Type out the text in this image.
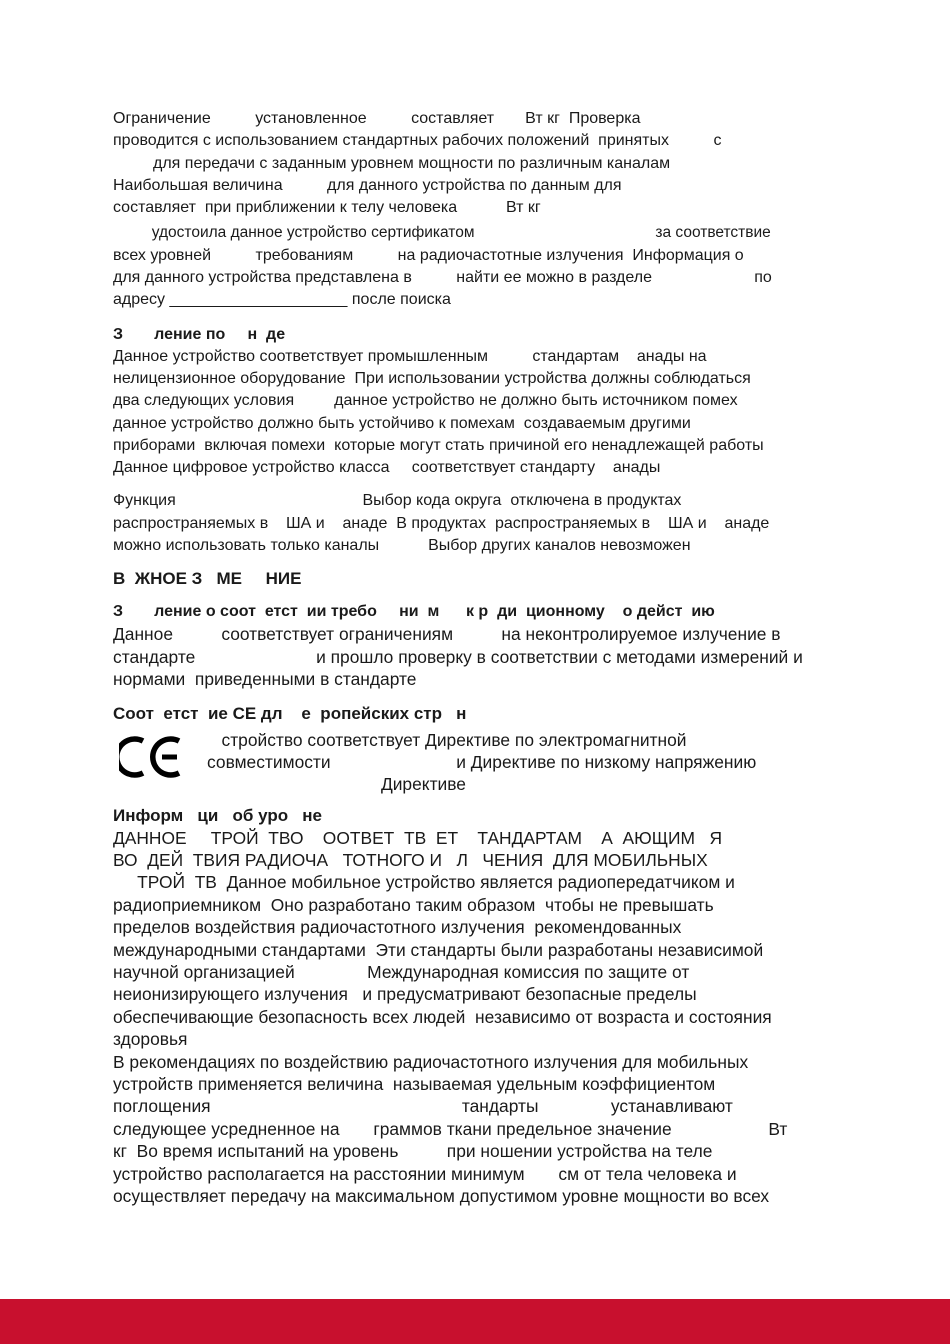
Ограничение          установленное          составляет       Вт кг  Проверка
проводится с использованием стандартных рабочих положений  принятых          с
для передачи с заданным уровнем мощности по различным каналам
Наибольшая величина          для данного устройства по данным для
составляет  при приближении к телу человека           Вт кг
удостоила данное устройство сертификатом                                          за соответствие
всех уровней          требованиям          на радиочастотные излучения  Информация о
для данного устройства представлена в          найти ее можно в разделе                       по
адресу ____________________ после поиска
З       ление по     н  де
Данное устройство соответствует промышленным          стандартам    анады на
нелицензионное оборудование  При использовании устройства должны соблюдаться
два следующих условия         данное устройство не должно быть источником помех
данное устройство должно быть устойчиво к помехам  создаваемым другими
приборами  включая помехи  которые могут стать причиной его ненадлежащей работы
Данное цифровое устройство класса     соответствует стандарту    анады
Функция                                          Выбор кода округа  отключена в продуктах
распространяемых в    ША и    анаде  В продуктах  распространяемых в    ША и    анаде
можно использовать только каналы           Выбор других каналов невозможен
В  ЖНОЕ З   МЕ     НИЕ
З       ление о соот  етст  ии требо     ни  м      к р  ди  ционному    о дейст  ию
Данное          соответствует ограничениям          на неконтролируемое излучение в
стандарте                         и прошло проверку в соответствии с методами измерений и
нормами  приведенными в стандарте
Соот  етст  ие CE дл    е  ропейских стр   н
стройство соответствует Директиве по электромагнитной
совместимости                          и Директиве по низкому напряжению
Директиве
Информ   ци   об уро   не
ДАННОЕ     ТРОЙ  ТВО    ООТВЕТ  ТВ  ЕТ    ТАНДАРТАМ    А  АЮЩИМ   Я
ВО  ДЕЙ  ТВИЯ РАДИОЧА   ТОТНОГО И   Л   ЧЕНИЯ  ДЛЯ МОБИЛЬНЫХ
ТРОЙ  ТВ  Данное мобильное устройство является радиопередатчиком и
радиоприемником  Оно разработано таким образом  чтобы не превышать
пределов воздействия радиочастотного излучения  рекомендованных
международными стандартами  Эти стандарты были разработаны независимой
научной организацией               Международная комиссия по защите от
неионизирующего излучения   и предусматривают безопасные пределы
обеспечивающие безопасность всех людей  независимо от возраста и состояния
здоровья
В рекомендациях по воздействию радиочастотного излучения для мобильных
устройств применяется величина  называемая удельным коэффициентом
поглощения                                                    тандарты               устанавливают
следующее усредненное на       граммов ткани предельное значение                    Вт
кг  Во время испытаний на уровень          при ношении устройства на теле
устройство располагается на расстоянии минимум       см от тела человека и
осуществляет передачу на максимальном допустимом уровне мощности во всех
